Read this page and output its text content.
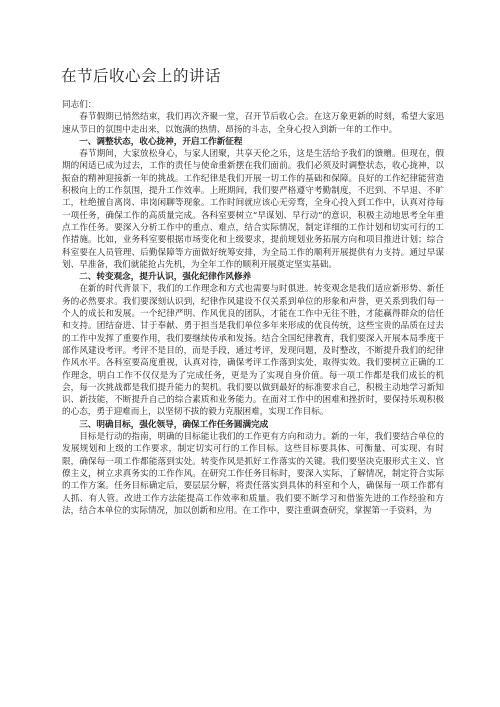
在节后收心会上的讲话

同志们：

春节假期已悄然结束，我们再次齐聚一堂，召开节后收心会。在这万象更新的时刻，希望大家迅速从节日的氛围中走出来，以饱满的热情、昂扬的斗志，全身心投入到新一年的工作中。

一、调整状态，收心拢神，开启工作新征程

春节期间，大家放松身心，与家人团聚，共享天伦之乐，这是生活给予我们的馈赠。但现在，假期的闲适已成为过去，工作的责任与使命重新摆在我们面前。我们必须及时调整状态，收心拢神，以振奋的精神迎接新一年的挑战。工作纪律是我们开展一切工作的基础和保障。良好的工作纪律能营造积极向上的工作氛围，提升工作效率。上班期间，我们要严格遵守考勤制度，不迟到、不早退、不旷工，杜绝擅自离岗、串岗闲聊等现象。工作时间就应该心无旁骛，全身心投入到工作中，认真对待每一项任务，确保工作的高质量完成。各科室要树立“早谋划、早行动”的意识，积极主动地思考全年重点工作任务。要深入分析工作中的重点、难点，结合实际情况，制定详细的工作计划和切实可行的工作措施。比如，业务科室要根据市场变化和上级要求，提前规划业务拓展方向和项目推进计划；综合科室要在人员管理、后勤保障等方面做好统筹安排，为全局工作的顺利开展提供有力支持。通过早谋划、早准备，我们就能抢占先机，为全年工作的顺利开展奠定坚实基础。

二、转变观念，提升认识，强化纪律作风修养

在新的时代背景下，我们的工作理念和方式也需要与时俱进。转变观念是我们适应新形势、新任务的必然要求。我们要深刻认识到，纪律作风建设不仅关系到单位的形象和声誉，更关系到我们每一个人的成长和发展。一个纪律严明、作风优良的团队，才能在工作中无往不胜，才能赢得群众的信任和支持。团结奋进、甘于奉献、勇于担当是我们单位多年来形成的优良传统，这些宝贵的品质在过去的工作中发挥了重要作用，我们要继续传承和发扬。结合全国纪律教育，我们要深入开展本局季度干部作风建设考评。考评不是目的，而是手段，通过考评，发现问题，及时整改，不断提升我们的纪律作风水平。各科室要高度重视，认真对待，确保考评工作落到实处，取得实效。我们要树立正确的工作理念，明白工作不仅仅是为了完成任务，更是为了实现自身价值。每一项工作都是我们成长的机会，每一次挑战都是我们提升能力的契机。我们要以做到最好的标准要求自己，积极主动地学习新知识、新技能，不断提升自己的综合素质和业务能力。在面对工作中的困难和挫折时，要保持乐观积极的心态，勇于迎难而上，以坚韧不拔的毅力克服困难，实现工作目标。

三、明确目标，强化领导，确保工作任务圆满完成

目标是行动的指南，明确的目标能让我们的工作更有方向和动力。新的一年，我们要结合单位的发展规划和上级的工作要求，制定切实可行的工作目标。这些目标要具体、可衡量、可实现、有时限，确保每一项工作都能落到实处。转变作风是抓好工作落实的关键。我们要坚决克服形式主义、官僚主义，树立求真务实的工作作风。在研究工作任务目标时，要深入实际，了解情况，制定符合实际的工作方案。任务目标确定后，要层层分解，将责任落实到具体的科室和个人，确保每一项工作都有人抓、有人管。改进工作方法能提高工作效率和质量。我们要不断学习和借鉴先进的工作经验和方法，结合本单位的实际情况，加以创新和应用。在工作中，要注重调查研究，掌握第一手资料，为
